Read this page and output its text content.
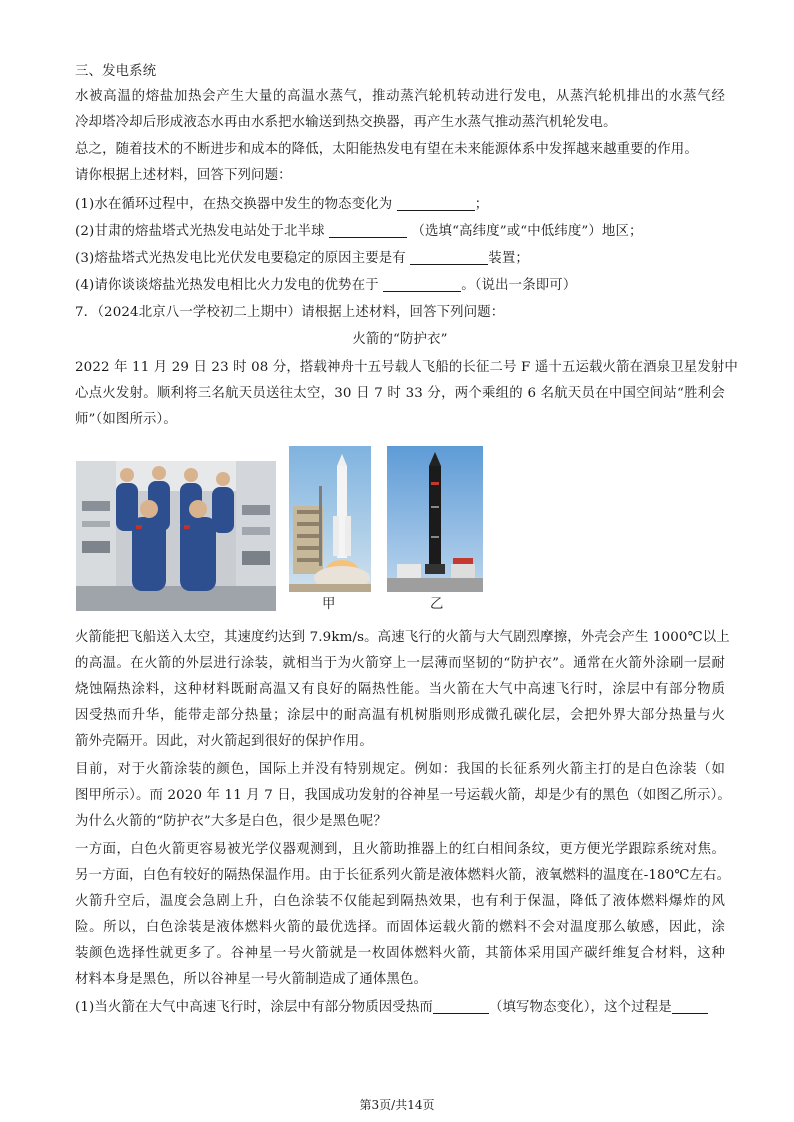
三、发电系统
水被高温的熔盐加热会产生大量的高温水蒸气，推动蒸汽轮机转动进行发电，从蒸汽轮机排出的水蒸气经
冷却塔冷却后形成液态水再由水系把水输送到热交换器，再产生水蒸气推动蒸汽机轮发电。
总之，随着技术的不断进步和成本的降低，太阳能热发电有望在未来能源体系中发挥越来越重要的作用。
请你根据上述材料，回答下列问题：
(1)水在循环过程中，在热交换器中发生的物态变化为	；
(2)甘肃的熔盐塔式光热发电站处于北半球	（选填“高纬度”或“中低纬度”）地区；
(3)熔盐塔式光热发电比光伏发电要稳定的原因主要是有	装置；
(4)请你谈谈熔盐光热发电相比火力发电的优势在于	。（说出一条即可）
7．（2024北京八一学校初二上期中）请根据上述材料，回答下列问题：
火箭的“防护衣”
2022 年 11 月 29 日 23 时 08 分，搭载神舟十五号载人飞船的长征二号 F 遥十五运载火箭在酒泉卫星发射中
心点火发射。顺利将三名航天员送往太空，30 日 7 时 33 分，两个乘组的 6 名航天员在中国空间站“胜利会
师”（如图所示）。
甲	乙
火箭能把飞船送入太空，其速度约达到 7.9km/s。高速飞行的火箭与大气剧烈摩擦，外壳会产生 1000℃以上
的高温。在火箭的外层进行涂装，就相当于为火箭穿上一层薄而坚韧的“防护衣”。通常在火箭外涂刷一层耐
烧蚀隔热涂料，这种材料既耐高温又有良好的隔热性能。当火箭在大气中高速飞行时，涂层中有部分物质
因受热而升华，能带走部分热量；涂层中的耐高温有机树脂则形成微孔碳化层，会把外界大部分热量与火
箭外壳隔开。因此，对火箭起到很好的保护作用。
目前，对于火箭涂装的颜色，国际上并没有特别规定。例如：我国的长征系列火箭主打的是白色涂装（如
图甲所示）。而 2020 年 11 月 7 日，我国成功发射的谷神星一号运载火箭，却是少有的黑色（如图乙所示）。
为什么火箭的“防护衣”大多是白色，很少是黑色呢？
一方面，白色火箭更容易被光学仪器观测到，且火箭助推器上的红白相间条纹，更方便光学跟踪系统对焦。
另一方面，白色有较好的隔热保温作用。由于长征系列火箭是液体燃料火箭，液氧燃料的温度在-180℃左右。
火箭升空后，温度会急剧上升，白色涂装不仅能起到隔热效果，也有利于保温，降低了液体燃料爆炸的风
险。所以，白色涂装是液体燃料火箭的最优选择。而固体运载火箭的燃料不会对温度那么敏感，因此，涂
装颜色选择性就更多了。谷神星一号火箭就是一枚固体燃料火箭，其箭体采用国产碳纤维复合材料，这种
材料本身是黑色，所以谷神星一号火箭制造成了通体黑色。
(1)当火箭在大气中高速飞行时，涂层中有部分物质因受热而	（填写物态变化），这个过程是
第3页/共14页
